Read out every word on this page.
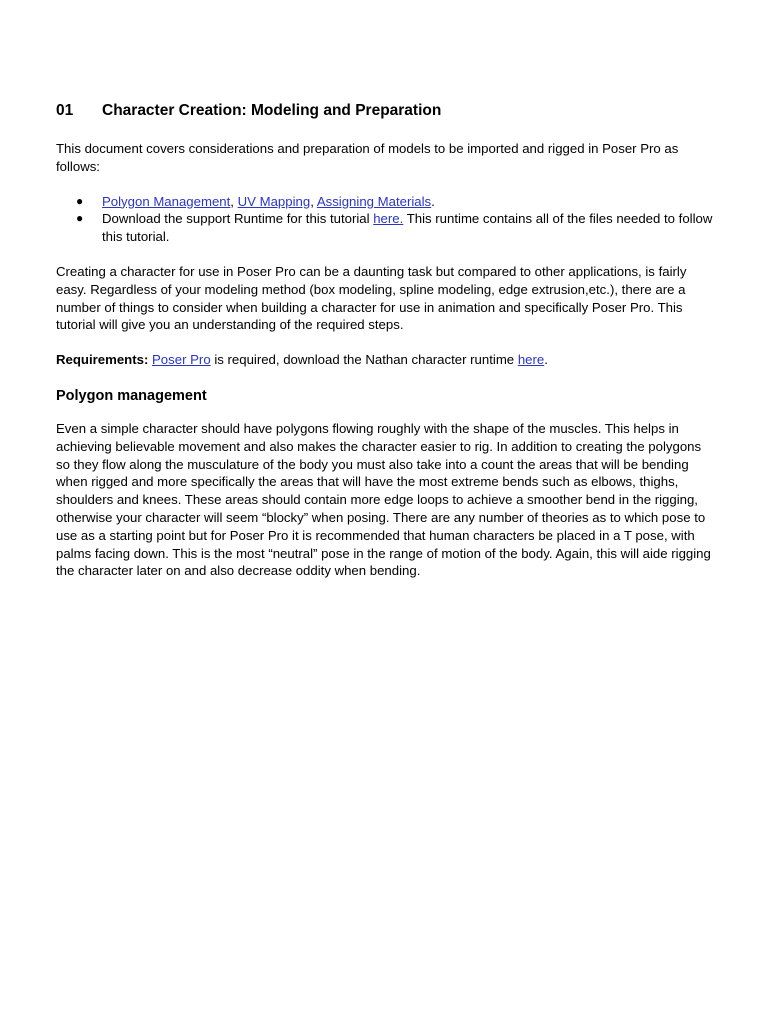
01 Character Creation: Modeling and Preparation

This document covers considerations and preparation of models to be imported and rigged in Poser Pro as follows:

● Polygon Management, UV Mapping, Assigning Materials.
● Download the support Runtime for this tutorial here. This runtime contains all of the files needed to follow this tutorial.

Creating a character for use in Poser Pro can be a daunting task but compared to other applications, is fairly easy. Regardless of your modeling method (box modeling, spline modeling, edge extrusion,etc.), there are a number of things to consider when building a character for use in animation and specifically Poser Pro. This tutorial will give you an understanding of the required steps.

Requirements: Poser Pro is required, download the Nathan character runtime here.

Polygon management

Even a simple character should have polygons flowing roughly with the shape of the muscles. This helps in achieving believable movement and also makes the character easier to rig. In addition to creating the polygons so they flow along the musculature of the body you must also take into a count the areas that will be bending when rigged and more specifically the areas that will have the most extreme bends such as elbows, thighs, shoulders and knees. These areas should contain more edge loops to achieve a smoother bend in the rigging, otherwise your character will seem “blocky” when posing. There are any number of theories as to which pose to use as a starting point but for Poser Pro it is recommended that human characters be placed in a T pose, with palms facing down. This is the most “neutral” pose in the range of motion of the body. Again, this will aide rigging the character later on and also decrease oddity when bending.
